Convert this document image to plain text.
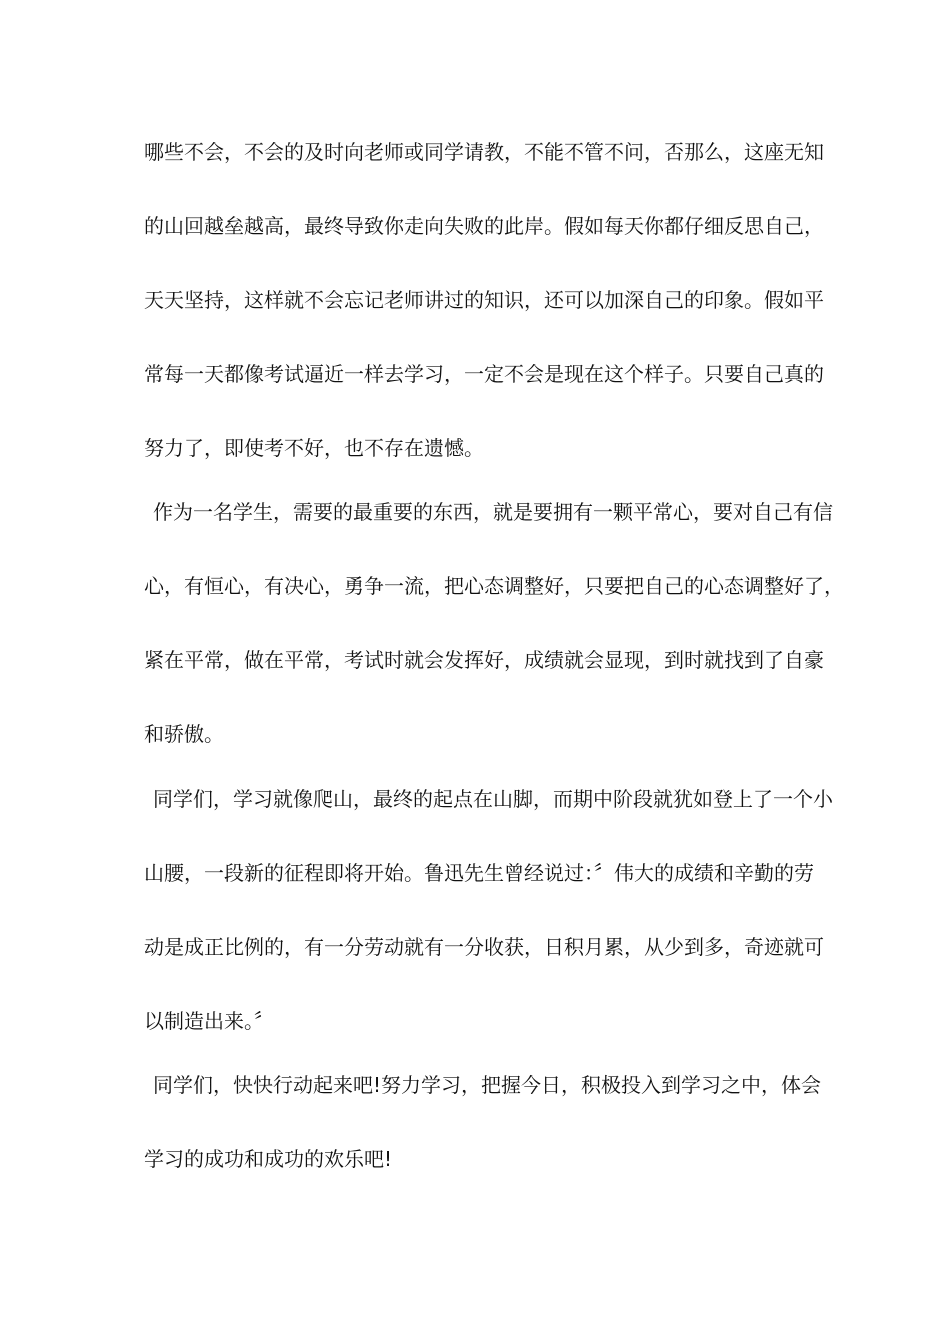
哪些不会，不会的及时向老师或同学请教，不能不管不问，否那么，这座无知
的山回越垒越高，最终导致你走向失败的此岸。假如每天你都仔细反思自己，
天天坚持，这样就不会忘记老师讲过的知识，还可以加深自己的印象。假如平
常每一天都像考试逼近一样去学习，一定不会是现在这个样子。只要自己真的
努力了，即使考不好，也不存在遗憾。
作为一名学生，需要的最重要的东西，就是要拥有一颗平常心，要对自己有信
心，有恒心，有决心，勇争一流，把心态调整好，只要把自己的心态调整好了，
紧在平常，做在平常，考试时就会发挥好，成绩就会显现，到时就找到了自豪
和骄傲。
同学们，学习就像爬山，最终的起点在山脚，而期中阶段就犹如登上了一个小
山腰，一段新的征程即将开始。鲁迅先生曾经说过：〞伟大的成绩和辛勤的劳
动是成正比例的，有一分劳动就有一分收获，日积月累，从少到多，奇迹就可
以制造出来。〞
同学们，快快行动起来吧!努力学习，把握今日，积极投入到学习之中，体会
学习的成功和成功的欢乐吧!
